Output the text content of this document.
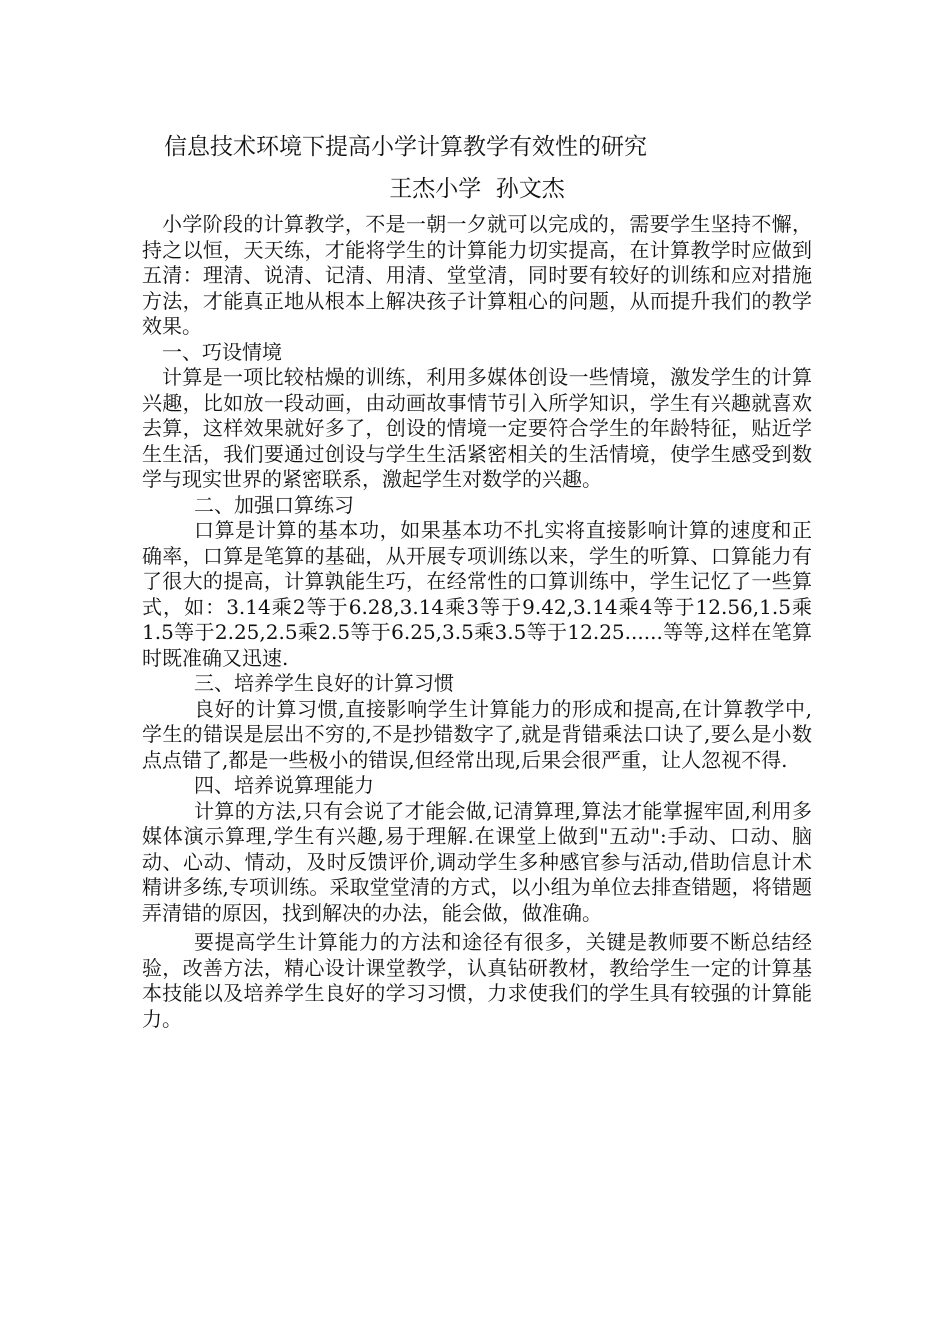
信息技术环境下提高小学计算教学有效性的研究
王杰小学  孙文杰

小学阶段的计算教学，不是一朝一夕就可以完成的，需要学生坚持不懈，持之以恒，天天练，才能将学生的计算能力切实提高，在计算教学时应做到五清：理清、说清、记清、用清、堂堂清，同时要有较好的训练和应对措施方法，才能真正地从根本上解决孩子计算粗心的问题，从而提升我们的教学效果。

一、巧设情境

计算是一项比较枯燥的训练，利用多媒体创设一些情境，激发学生的计算兴趣，比如放一段动画，由动画故事情节引入所学知识，学生有兴趣就喜欢去算，这样效果就好多了，创设的情境一定要符合学生的年龄特征，贴近学生生活，我们要通过创设与学生生活紧密相关的生活情境，使学生感受到数学与现实世界的紧密联系，激起学生对数学的兴趣。

二、加强口算练习

口算是计算的基本功，如果基本功不扎实将直接影响计算的速度和正确率，口算是笔算的基础，从开展专项训练以来，学生的听算、口算能力有了很大的提高，计算孰能生巧，在经常性的口算训练中，学生记忆了一些算式，如：3.14乘2等于6.28,3.14乘3等于9.42,3.14乘4等于12.56,1.5乘1.5等于2.25,2.5乘2.5等于6.25,3.5乘3.5等于12.25......等等,这样在笔算时既准确又迅速.

三、培养学生良好的计算习惯

良好的计算习惯,直接影响学生计算能力的形成和提高,在计算教学中,学生的错误是层出不穷的,不是抄错数字了,就是背错乘法口诀了,要么是小数点点错了,都是一些极小的错误,但经常出现,后果会很严重，让人忽视不得.

四、培养说算理能力

计算的方法,只有会说了才能会做,记清算理,算法才能掌握牢固,利用多媒体演示算理,学生有兴趣,易于理解.在课堂上做到"五动":手动、口动、脑动、心动、情动，及时反馈评价,调动学生多种感官参与活动,借助信息计术精讲多练,专项训练。采取堂堂清的方式，以小组为单位去排查错题，将错题弄清错的原因，找到解决的办法，能会做，做准确。

要提高学生计算能力的方法和途径有很多，关键是教师要不断总结经验，改善方法，精心设计课堂教学，认真钻研教材，教给学生一定的计算基本技能以及培养学生良好的学习习惯，力求使我们的学生具有较强的计算能力。
